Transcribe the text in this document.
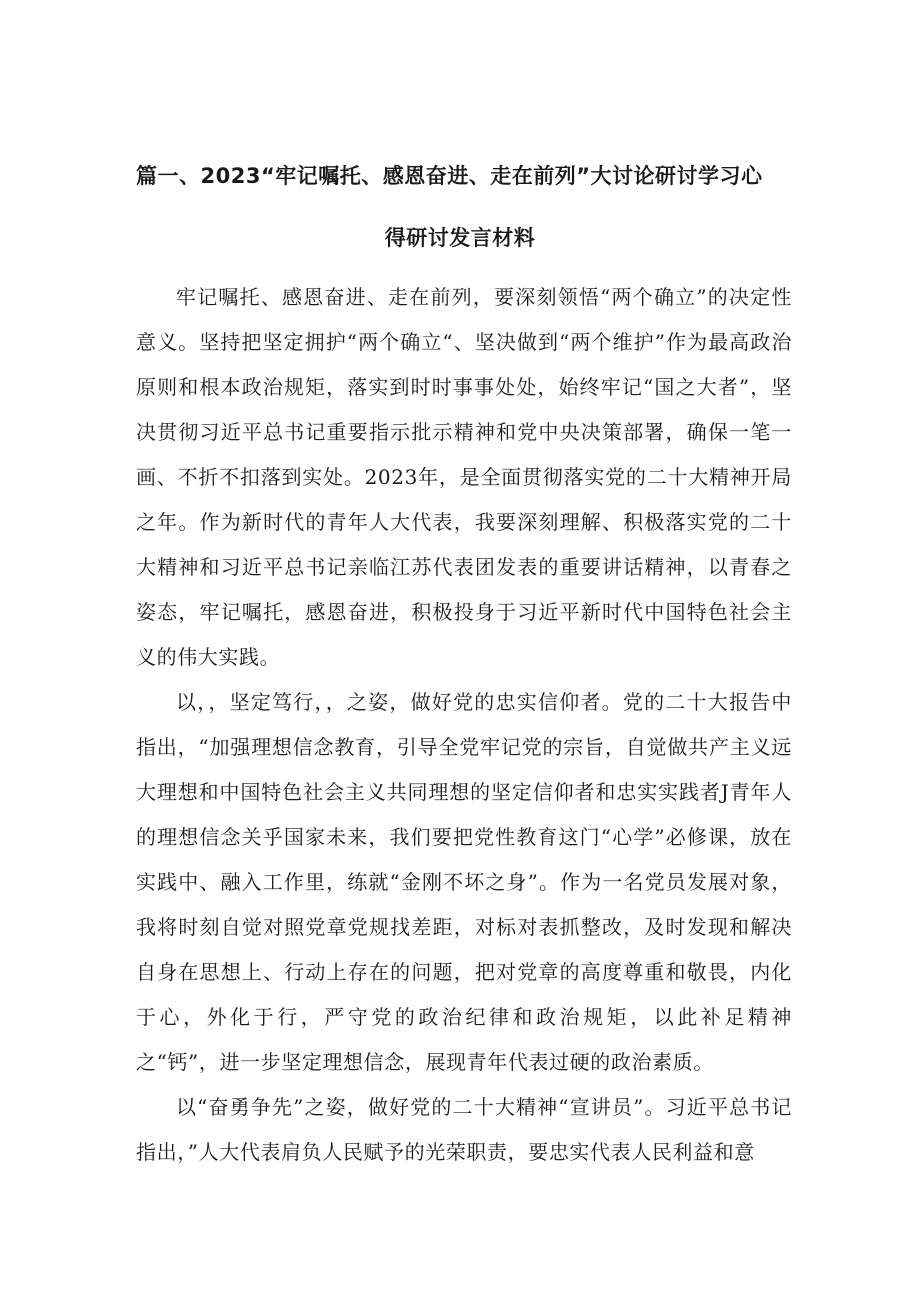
篇一、2023“牢记嘱托、感恩奋进、走在前列”大讨论研讨学习心
得研讨发言材料

牢记嘱托、感恩奋进、走在前列，要深刻领悟“两个确立”的决定性意义。坚持把坚定拥护“两个确立“、坚决做到“两个维护”作为最高政治原则和根本政治规矩，落实到时时事事处处，始终牢记“国之大者”，坚决贯彻习近平总书记重要指示批示精神和党中央决策部署，确保一笔一画、不折不扣落到实处。2023年，是全面贯彻落实党的二十大精神开局之年。作为新时代的青年人大代表，我要深刻理解、积极落实党的二十大精神和习近平总书记亲临江苏代表团发表的重要讲话精神，以青春之姿态，牢记嘱托，感恩奋进，积极投身于习近平新时代中国特色社会主义的伟大实践。

以，，坚定笃行，，之姿，做好党的忠实信仰者。党的二十大报告中指出，“加强理想信念教育，引导全党牢记党的宗旨，自觉做共产主义远大理想和中国特色社会主义共同理想的坚定信仰者和忠实实践者J青年人的理想信念关乎国家未来，我们要把党性教育这门“心学”必修课，放在实践中、融入工作里，练就“金刚不坏之身”。作为一名党员发展对象，我将时刻自觉对照党章党规找差距，对标对表抓整改，及时发现和解决自身在思想上、行动上存在的问题，把对党章的高度尊重和敬畏，内化于心，外化于行，严守党的政治纪律和政治规矩，以此补足精神之“钙”，进一步坚定理想信念，展现青年代表过硬的政治素质。

以“奋勇争先”之姿，做好党的二十大精神“宣讲员”。习近平总书记指出，”人大代表肩负人民赋予的光荣职责，要忠实代表人民利益和意
